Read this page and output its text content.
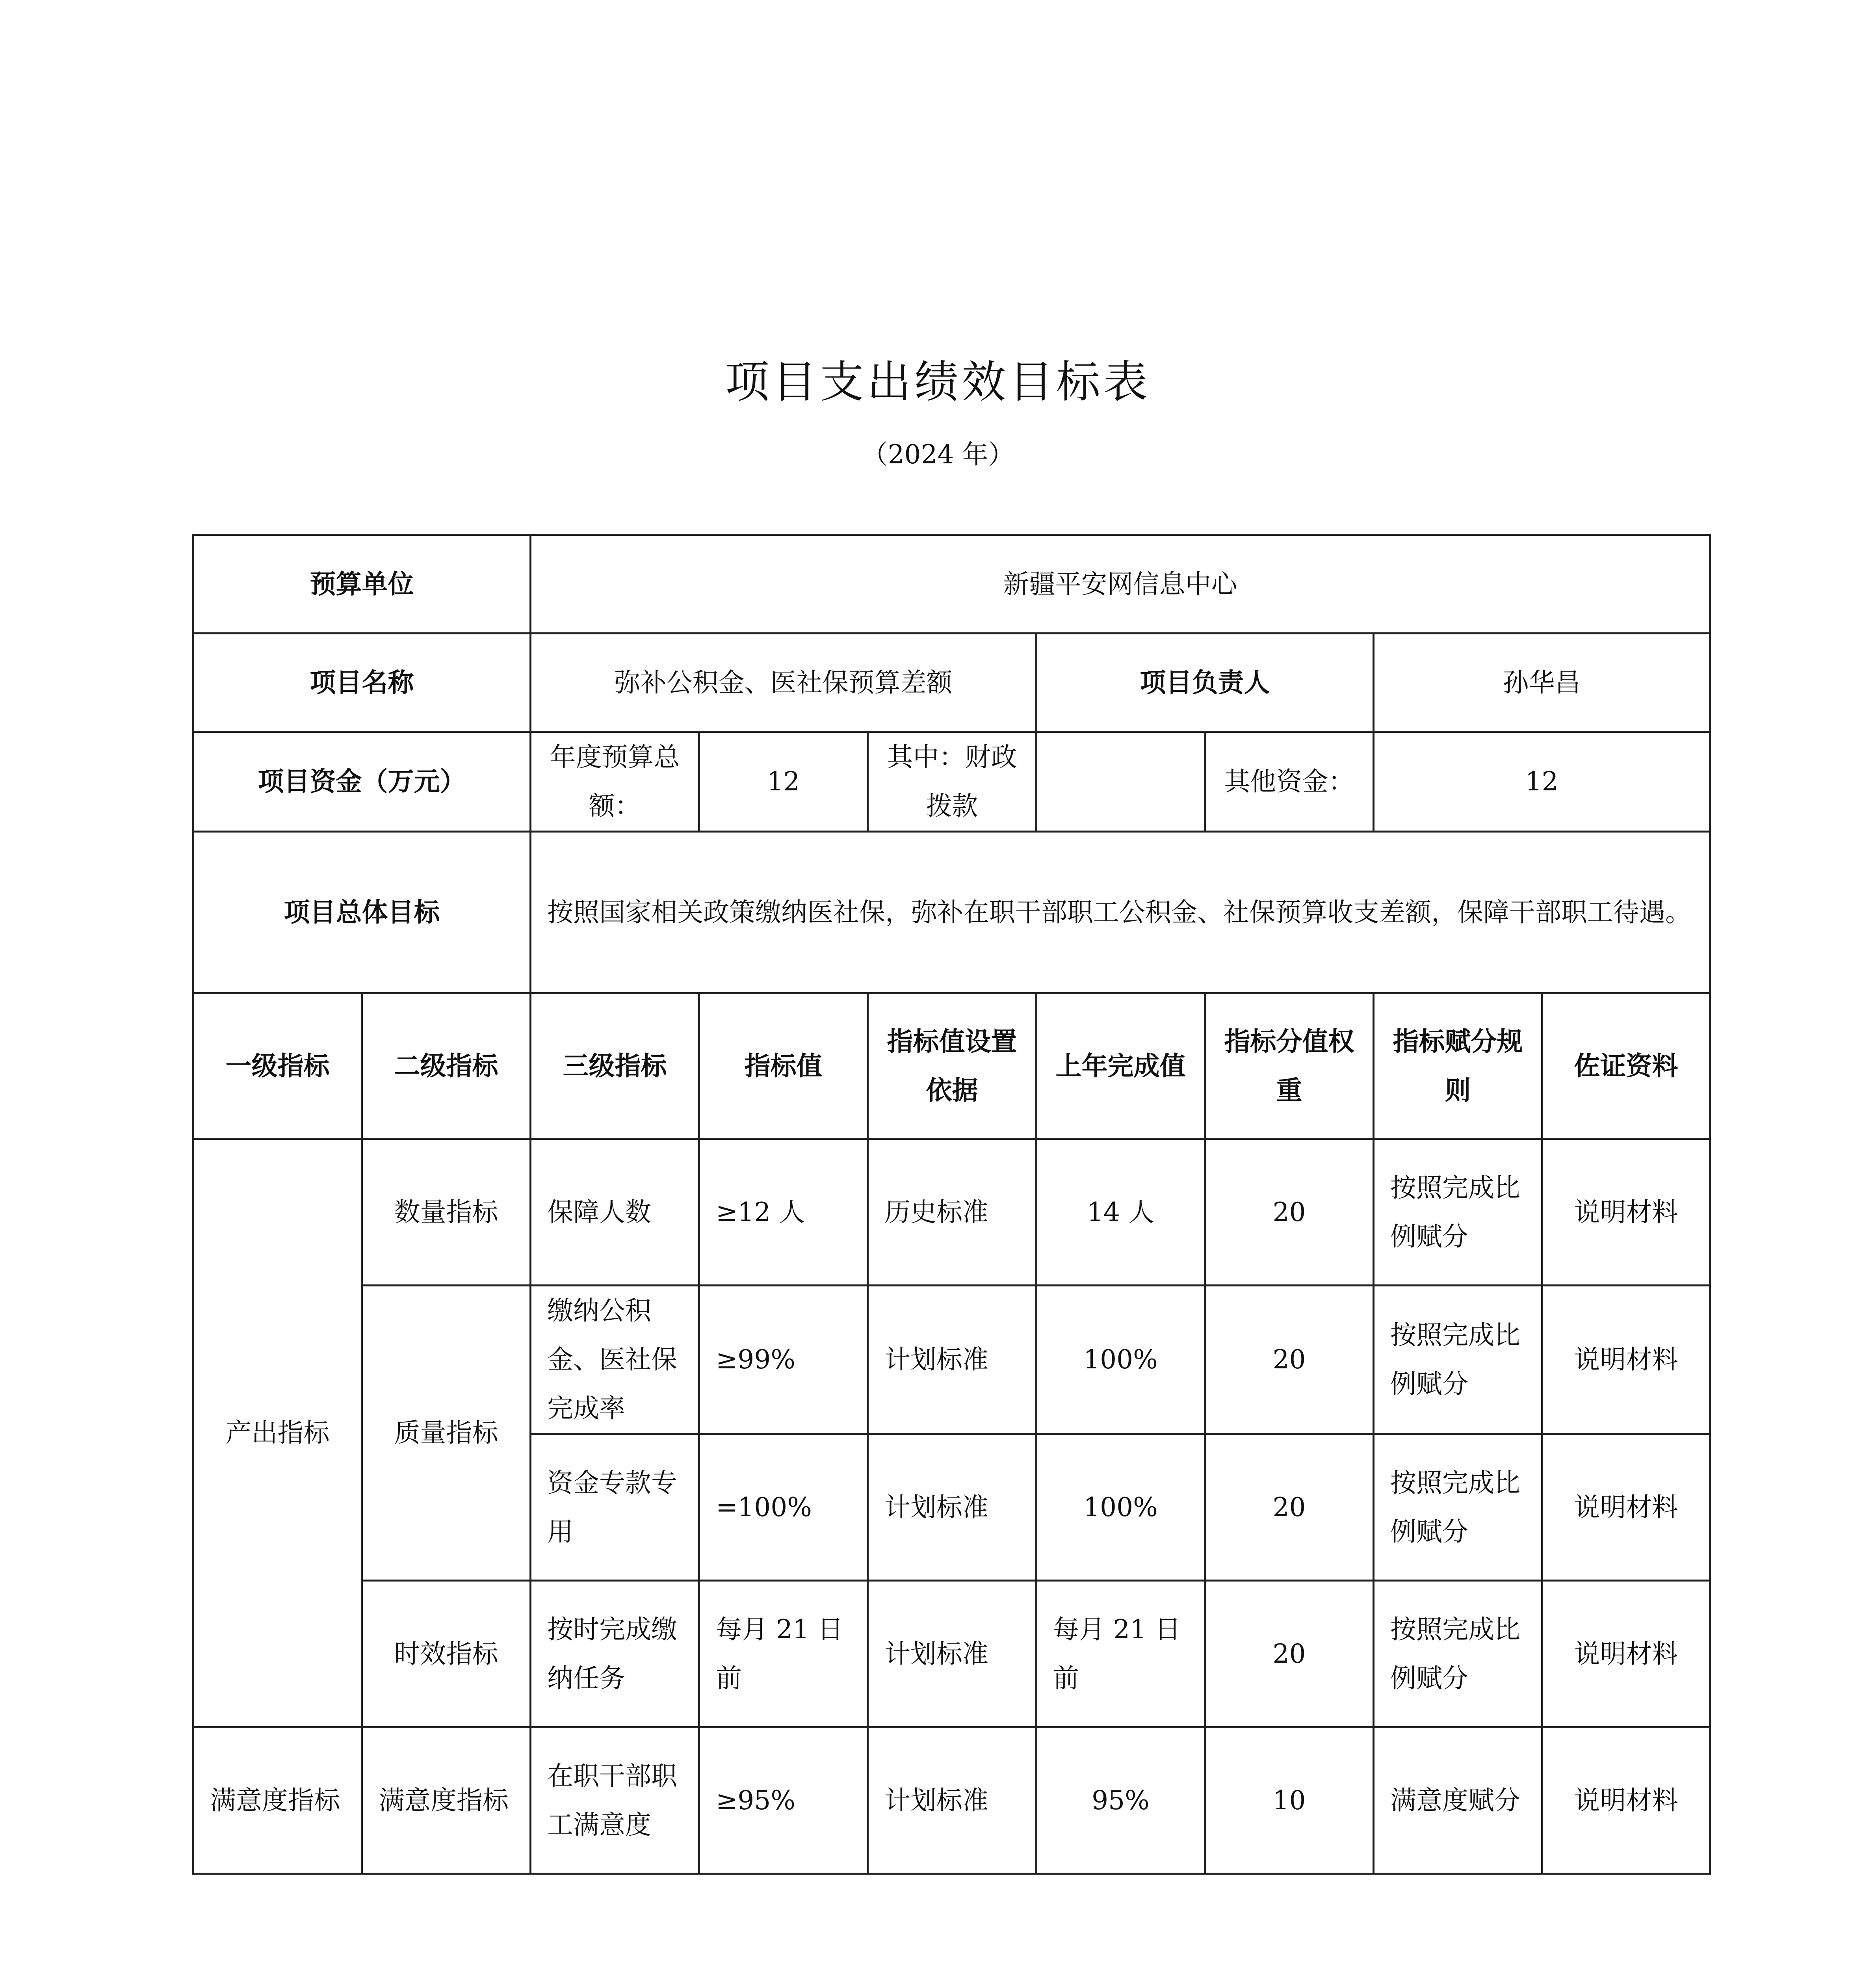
项目支出绩效目标表
（2024 年）
预算单位		新疆平安网信息中心						
项目名称		弥补公积金、医社保预算差额			项目负责人		孙华昌	
项目资金（万元）		年度预算总额：	12	其中：财政拨款		其他资金：	12	
项目总体目标		按照国家相关政策缴纳医社保，弥补在职干部职工公积金、社保预算收支差额，保障干部职工待遇。						
一级指标	二级指标	三级指标	指标值	指标值设置依据	上年完成值	指标分值权重	指标赋分规则	佐证资料
产出指标	数量指标	保障人数	≥12 人	历史标准	14 人	20	按照完成比例赋分	说明材料
	质量指标	缴纳公积金、医社保完成率	≥99%	计划标准	100%	20	按照完成比例赋分	说明材料
		资金专款专用	=100%	计划标准	100%	20	按照完成比例赋分	说明材料
	时效指标	按时完成缴纳任务	每月 21 日前	计划标准	每月 21 日前	20	按照完成比例赋分	说明材料
满意度指标	满意度指标	在职干部职工满意度	≥95%	计划标准	95%	10	满意度赋分	说明材料
